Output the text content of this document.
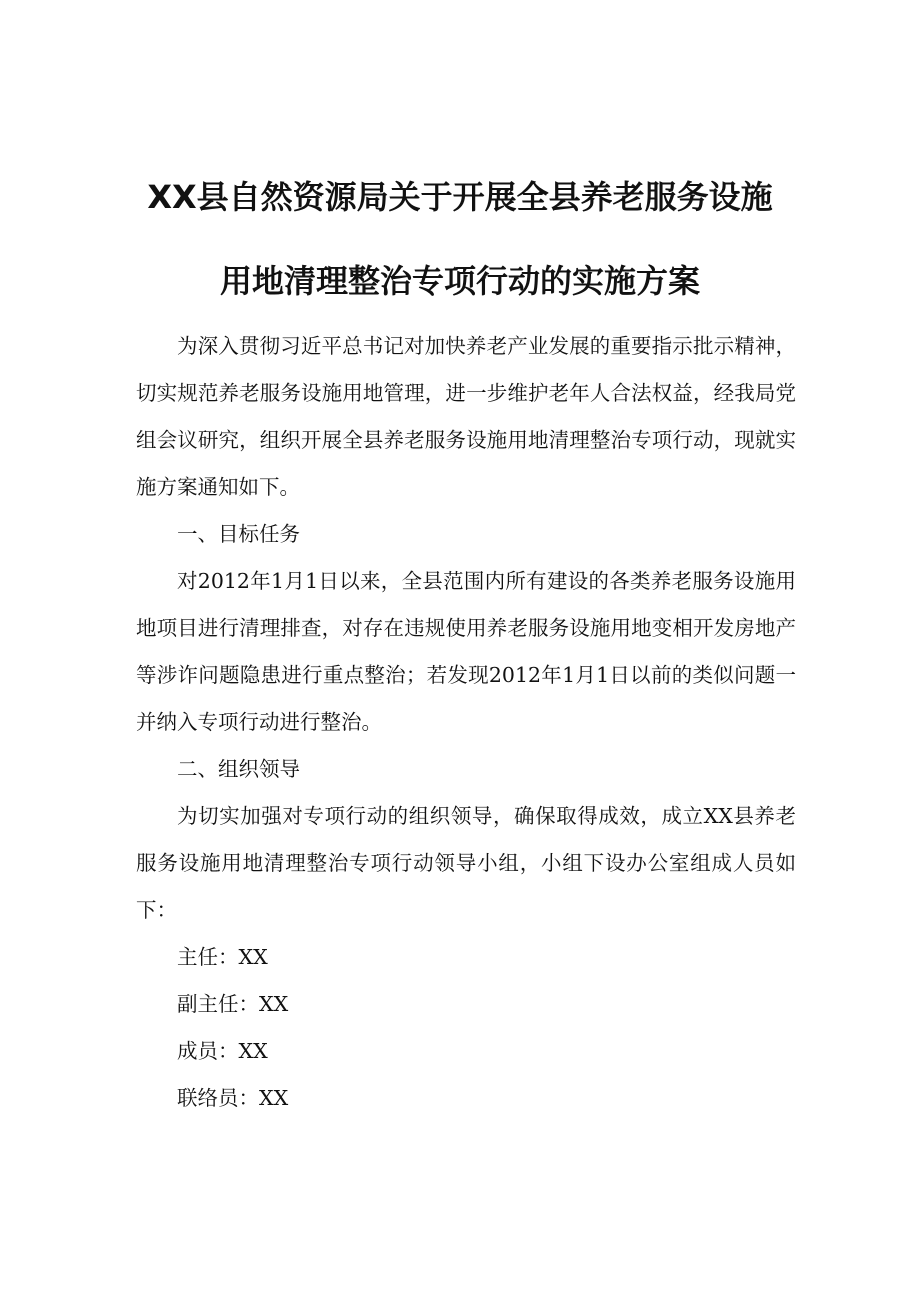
XX县自然资源局关于开展全县养老服务设施
用地清理整治专项行动的实施方案

为深入贯彻习近平总书记对加快养老产业发展的重要指示批示精神，切实规范养老服务设施用地管理，进一步维护老年人合法权益，经我局党组会议研究，组织开展全县养老服务设施用地清理整治专项行动，现就实施方案通知如下。

一、目标任务

对2012年1月1日以来，全县范围内所有建设的各类养老服务设施用地项目进行清理排查，对存在违规使用养老服务设施用地变相开发房地产等涉诈问题隐患进行重点整治；若发现2012年1月1日以前的类似问题一并纳入专项行动进行整治。

二、组织领导

为切实加强对专项行动的组织领导，确保取得成效，成立XX县养老服务设施用地清理整治专项行动领导小组，小组下设办公室组成人员如下：

主任：XX

副主任：XX

成员：XX

联络员：XX
